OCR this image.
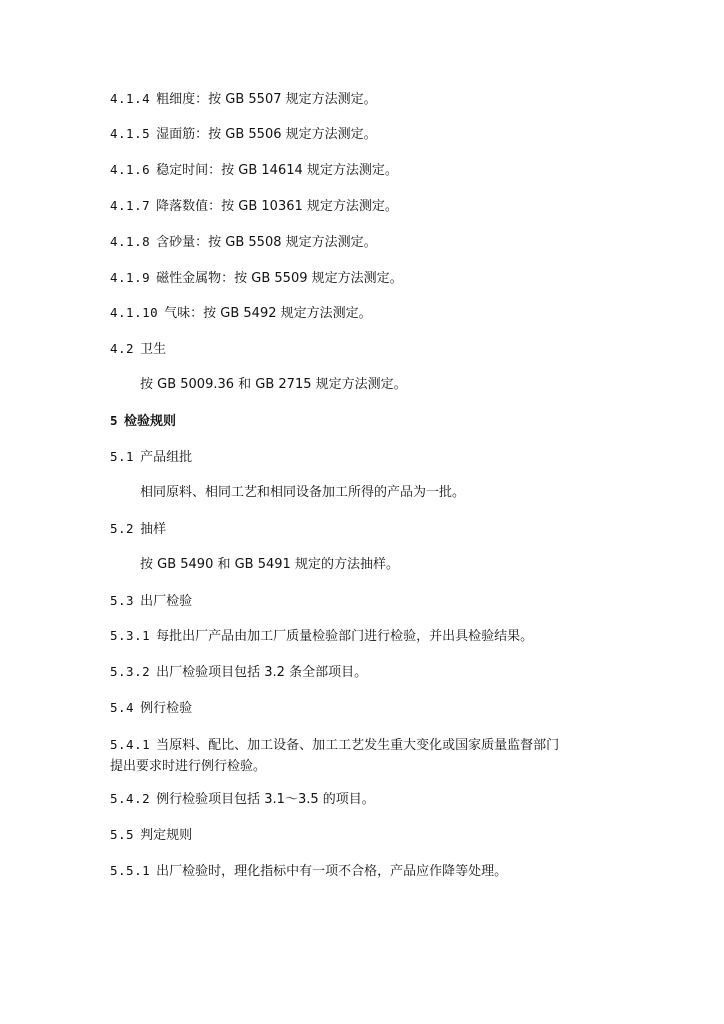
4.1.4 粗细度：按 GB 5507 规定方法测定。
4.1.5 湿面筋：按 GB 5506 规定方法测定。
4.1.6 稳定时间：按 GB 14614 规定方法测定。
4.1.7 降落数值：按 GB 10361 规定方法测定。
4.1.8 含砂量：按 GB 5508 规定方法测定。
4.1.9 磁性金属物：按 GB 5509 规定方法测定。
4.1.10 气味：按 GB 5492 规定方法测定。
4.2 卫生
按 GB 5009.36 和 GB 2715 规定方法测定。
5 检验规则
5.1 产品组批
相同原料、相同工艺和相同设备加工所得的产品为一批。
5.2 抽样
按 GB 5490 和 GB 5491 规定的方法抽样。
5.3 出厂检验
5.3.1 每批出厂产品由加工厂质量检验部门进行检验，并出具检验结果。
5.3.2 出厂检验项目包括 3.2 条全部项目。
5.4 例行检验
5.4.1 当原料、配比、加工设备、加工工艺发生重大变化或国家质量监督部门
提出要求时进行例行检验。
5.4.2 例行检验项目包括 3.1～3.5 的项目。
5.5 判定规则
5.5.1 出厂检验时，理化指标中有一项不合格，产品应作降等处理。
